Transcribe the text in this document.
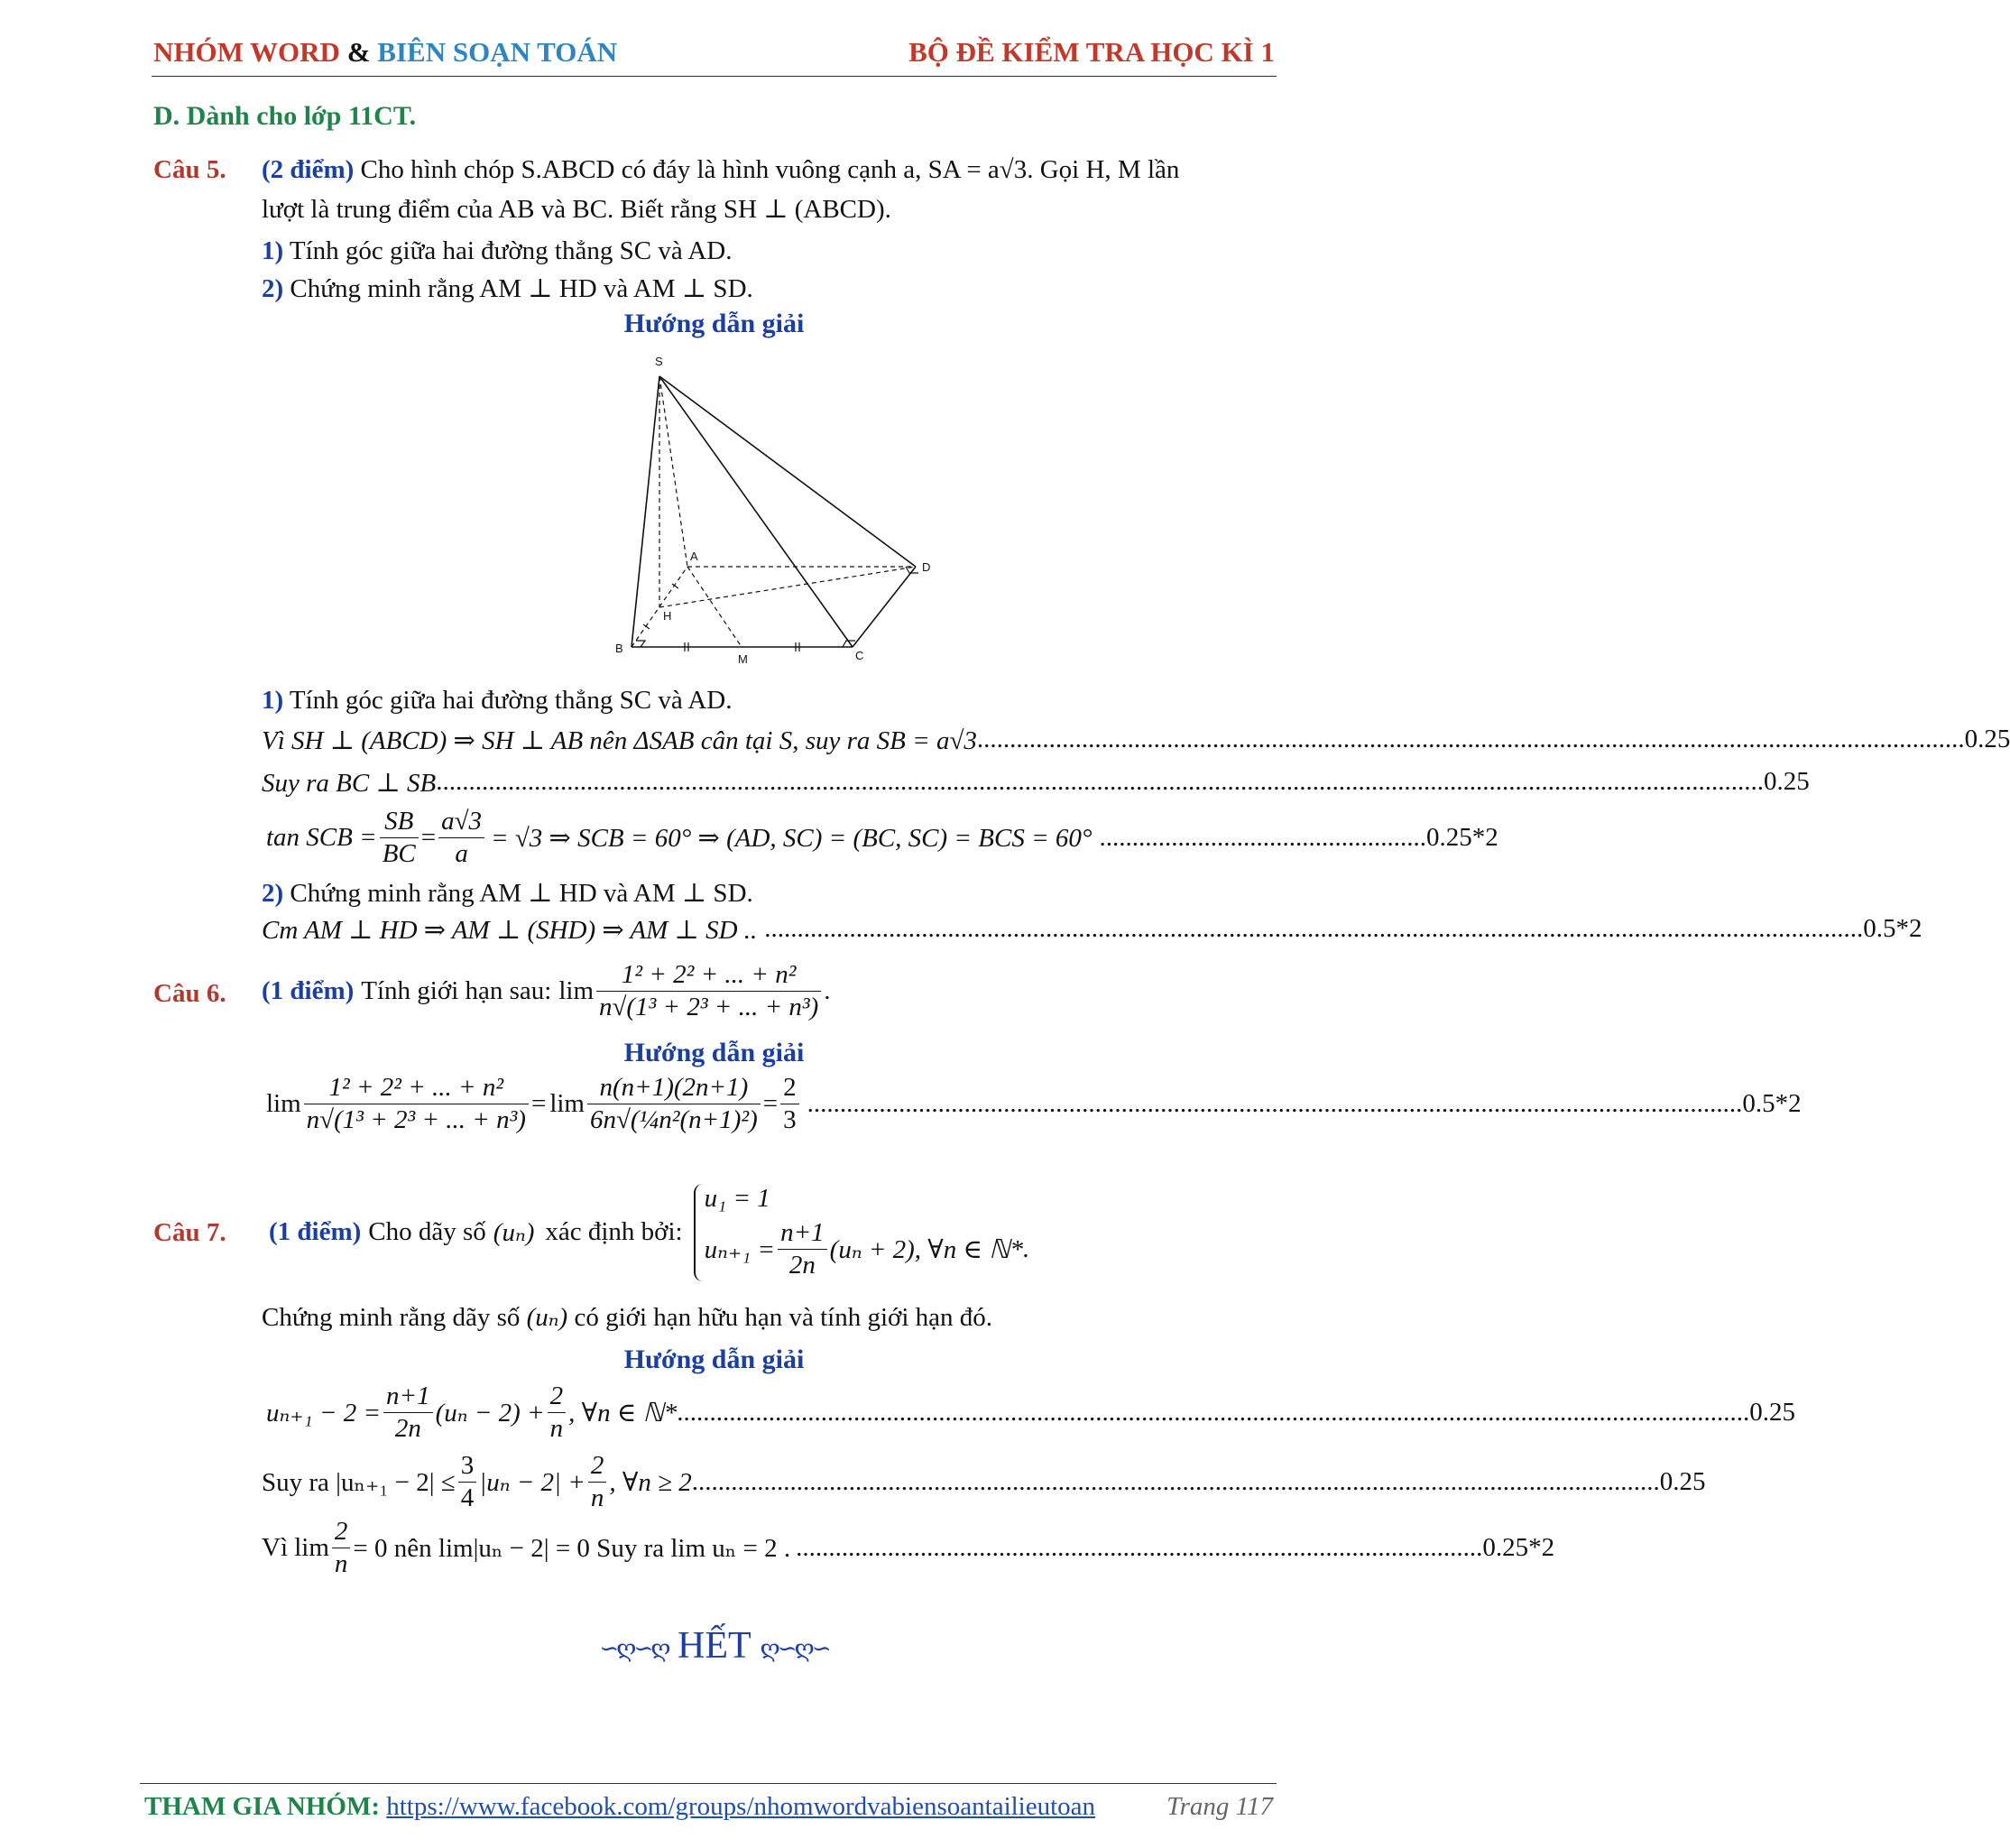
NHÓM WORD & BIÊN SOẠN TOÁN	BỘ ĐỀ KIỂM TRA HỌC KÌ 1
D. Dành cho lớp 11CT.
Câu 5. (2 điểm) Cho hình chóp S.ABCD có đáy là hình vuông cạnh a, SA = a√3. Gọi H, M lần
lượt là trung điểm của AB và BC. Biết rằng SH ⊥ (ABCD).
1) Tính góc giữa hai đường thẳng SC và AD.
2) Chứng minh rằng AM ⊥ HD và AM ⊥ SD.
Hướng dẫn giải
S
A
D
H
B
M	C
1) Tính góc giữa hai đường thẳng SC và AD.
Vì SH ⊥ (ABCD) ⇒ SH ⊥ AB nên ΔSAB cân tại S, suy ra SB = a√3 ....................................................................................................................................................... 0.25
Suy ra BC ⊥ SB ........................................................................................................................................................................................................... 0.25
tan SCB = $\frac{SB}{BC} = \frac{a√3}{a} = √3$ ⇒ SCB = 60° ⇒ (AD, SC) = (BC, SC) = BCS = 60° .................................................. 0.25*2
2) Chứng minh rằng AM ⊥ HD và AM ⊥ SD.
Cm AM ⊥ HD ⇒ AM ⊥ (SHD) ⇒ AM ⊥ SD .. ........................................................................................................................................................................ 0.5*2
Câu 6. (1 điểm) Tính giới hạn sau: $\lim \frac{\text{1² + 2² + ... + n²}}{\text{n√(1³ + 2³ + ... + n³)}}$ .
Hướng dẫn giải
$\lim \frac{\text{1² + 2² + ... + n²}}{\text{n√(1³ + 2³ + ... + n³)}} = \lim \frac{n(n+1)(2n+1)}{\text{6n√(¼n²(n+1)²)}} = \frac{2}{3}$ ............................................................................................................................................... 0.5*2
Câu 7. (1 điểm) Cho dãy số (uₙ) xác định bởi:
u₁ = 1
$u_{n+1} = \frac{n+1}{2n} (u_n + 2)$, ∀n ∈ ℕ* .
Chứng minh rằng dãy số (uₙ) có giới hạn hữu hạn và tính giới hạn đó.
Hướng dẫn giải
$u_{n+1} - 2 = \frac{n+1}{2n} (u_n - 2) + \frac{2}{n}$ , ∀n ∈ ℕ* .................................................................................................................................................................... 0.25
Suy ra $|u_{n+1} - 2| \le \frac{3}{4} |u_n - 2| + \frac{2}{n}$ , ∀n ≥ 2 .................................................................................................................................................... 0.25
Vì $\lim \frac{2}{n} = 0$ nên lim|uₙ − 2| = 0 Suy ra lim uₙ = 2 . ......................................................................................................... 0.25*2
∽ღ∽ღ HẾT ღ∽ღ∽
THAM GIA NHÓM: https://www.facebook.com/groups/nhomwordvabiensoantailieutoan	Trang 117
